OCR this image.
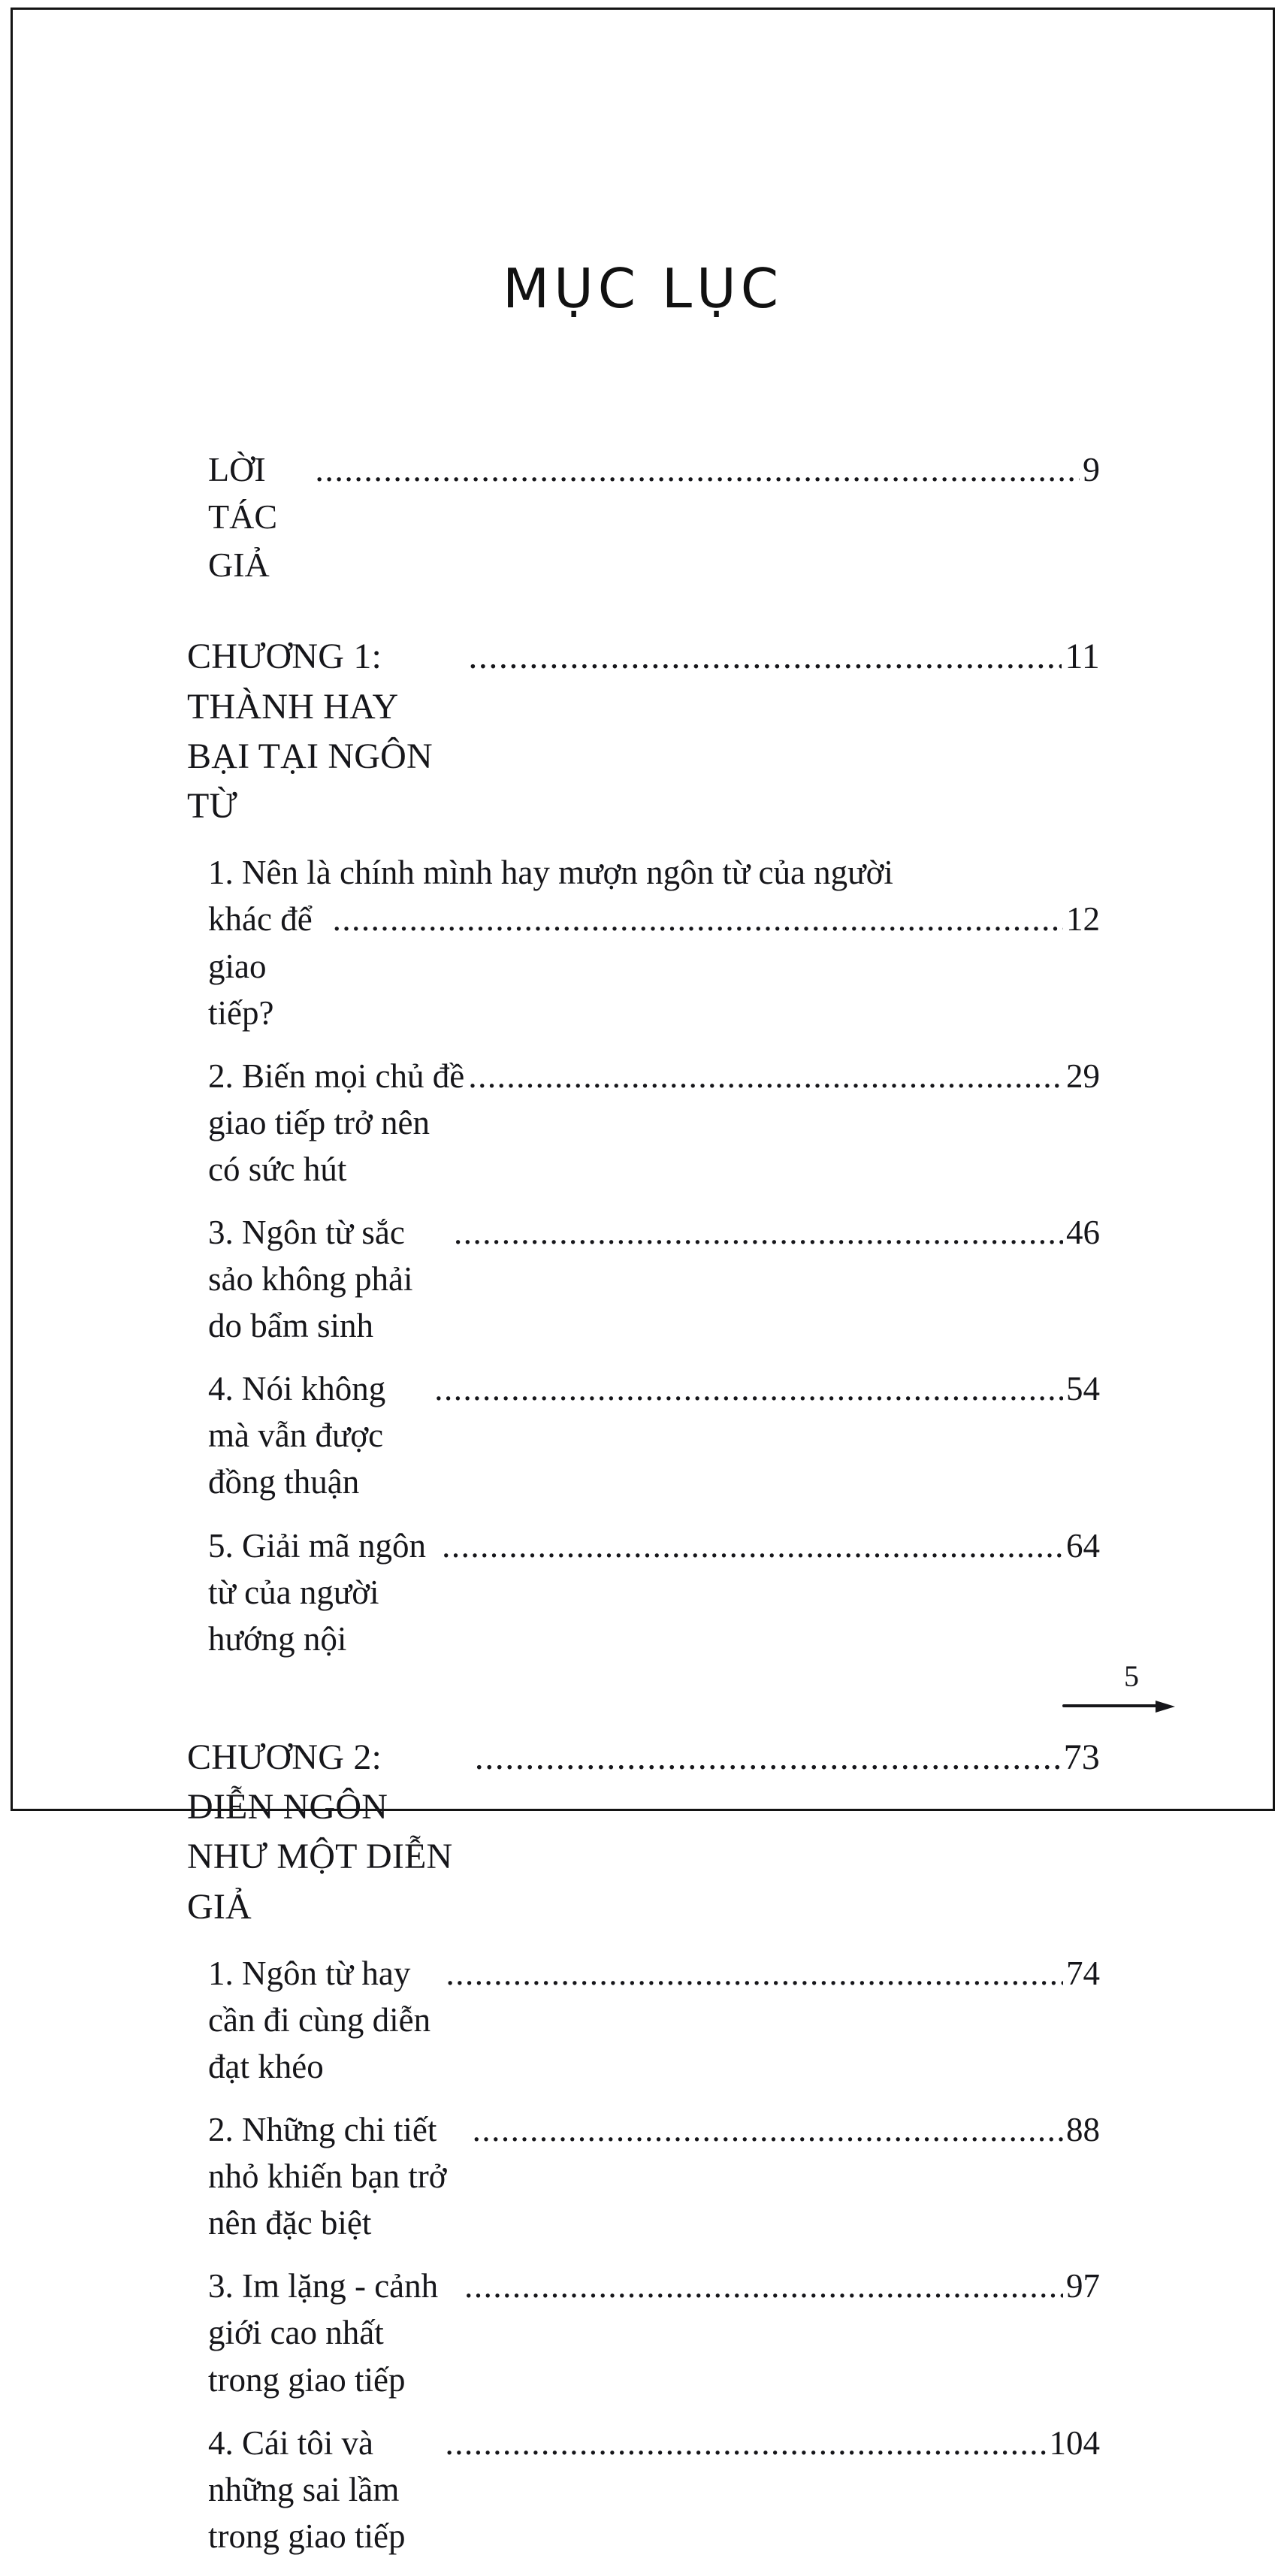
MỤC LỤC
LỜI TÁC GIẢ
.....
9
CHƯƠNG 1: THÀNH HAY BẠI TẠI NGÔN TỪ
.....
11
1. Nên là chính mình hay mượn ngôn từ của người
khác để giao tiếp?
.....
12
2. Biến mọi chủ đề giao tiếp trở nên có sức hút
.....
29
3. Ngôn từ sắc sảo không phải do bẩm sinh
.....
46
4. Nói không mà vẫn được đồng thuận
.....
54
5. Giải mã ngôn từ của người hướng nội
.....
64
CHƯƠNG 2: DIỄN NGÔN NHƯ MỘT DIỄN GIẢ
.....
73
1. Ngôn từ hay cần đi cùng diễn đạt khéo
.....
74
2. Những chi tiết nhỏ khiến bạn trở nên đặc biệt
.....
88
3. Im lặng - cảnh giới cao nhất trong giao tiếp
.....
97
4. Cái tôi và những sai lầm trong giao tiếp
.....
104
5
